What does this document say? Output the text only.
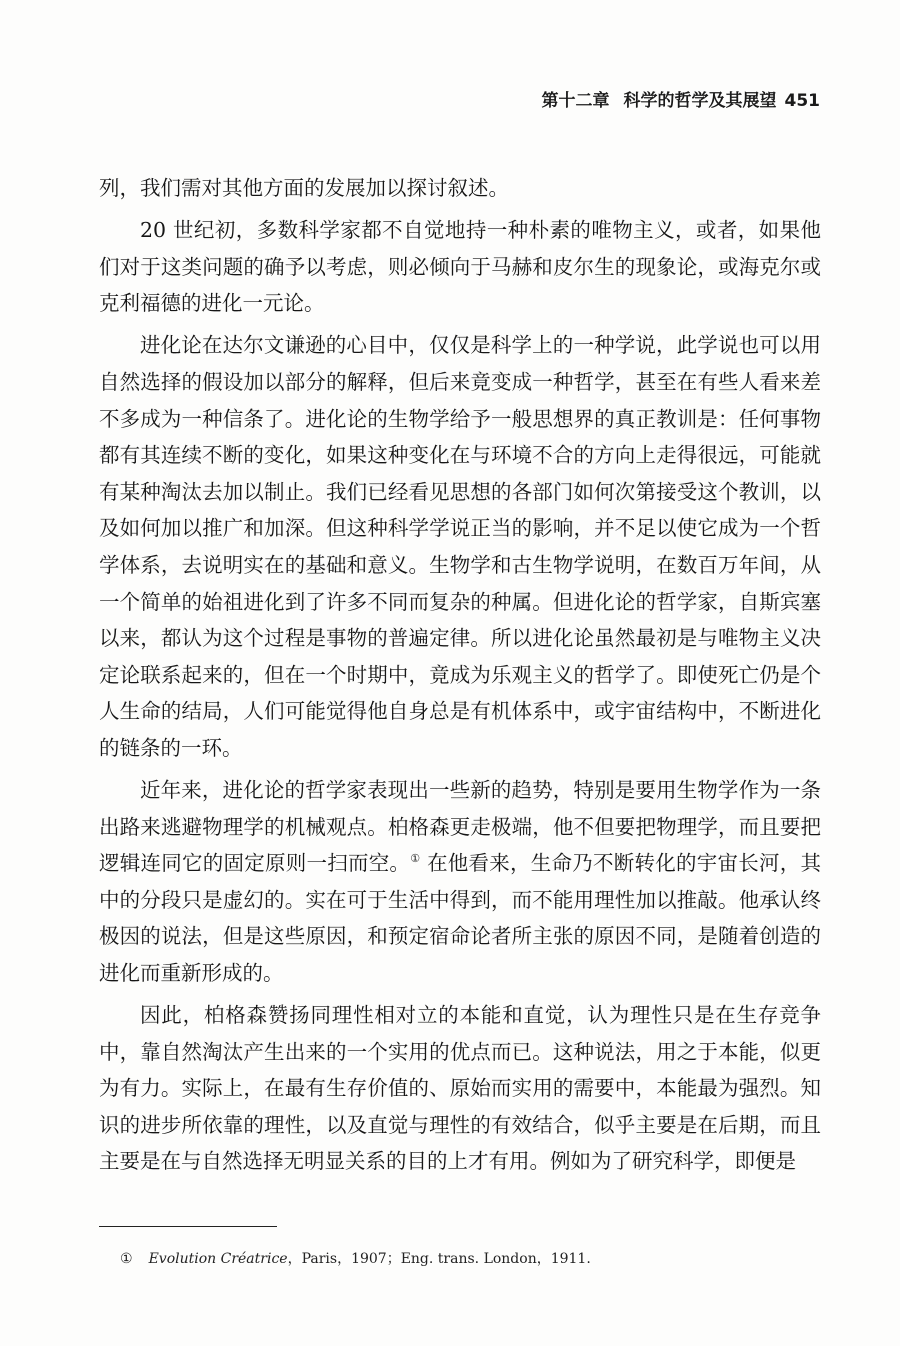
第十二章 科学的哲学及其展望 451

列，我们需对其他方面的发展加以探讨叙述。

20 世纪初，多数科学家都不自觉地持一种朴素的唯物主义，或者，如果他们对于这类问题的确予以考虑，则必倾向于马赫和皮尔生的现象论，或海克尔或克利福德的进化一元论。

进化论在达尔文谦逊的心目中，仅仅是科学上的一种学说，此学说也可以用自然选择的假设加以部分的解释，但后来竟变成一种哲学，甚至在有些人看来差不多成为一种信条了。进化论的生物学给予一般思想界的真正教训是：任何事物都有其连续不断的变化，如果这种变化在与环境不合的方向上走得很远，可能就有某种淘汰去加以制止。我们已经看见思想的各部门如何次第接受这个教训，以及如何加以推广和加深。但这种科学学说正当的影响，并不足以使它成为一个哲学体系，去说明实在的基础和意义。生物学和古生物学说明，在数百万年间，从一个简单的始祖进化到了许多不同而复杂的种属。但进化论的哲学家，自斯宾塞以来，都认为这个过程是事物的普遍定律。所以进化论虽然最初是与唯物主义决定论联系起来的，但在一个时期中，竟成为乐观主义的哲学了。即使死亡仍是个人生命的结局，人们可能觉得他自身总是有机体系中，或宇宙结构中，不断进化的链条的一环。

近年来，进化论的哲学家表现出一些新的趋势，特别是要用生物学作为一条出路来逃避物理学的机械观点。柏格森更走极端，他不但要把物理学，而且要把逻辑连同它的固定原则一扫而空。① 在他看来，生命乃不断转化的宇宙长河，其中的分段只是虚幻的。实在可于生活中得到，而不能用理性加以推敲。他承认终极因的说法，但是这些原因，和预定宿命论者所主张的原因不同，是随着创造的进化而重新形成的。

因此，柏格森赞扬同理性相对立的本能和直觉，认为理性只是在生存竞争中，靠自然淘汰产生出来的一个实用的优点而已。这种说法，用之于本能，似更为有力。实际上，在最有生存价值的、原始而实用的需要中，本能最为强烈。知识的进步所依靠的理性，以及直觉与理性的有效结合，似乎主要是在后期，而且主要是在与自然选择无明显关系的目的上才有用。例如为了研究科学，即便是

① Evolution Créatrice，Paris，1907；Eng. trans. London，1911.
